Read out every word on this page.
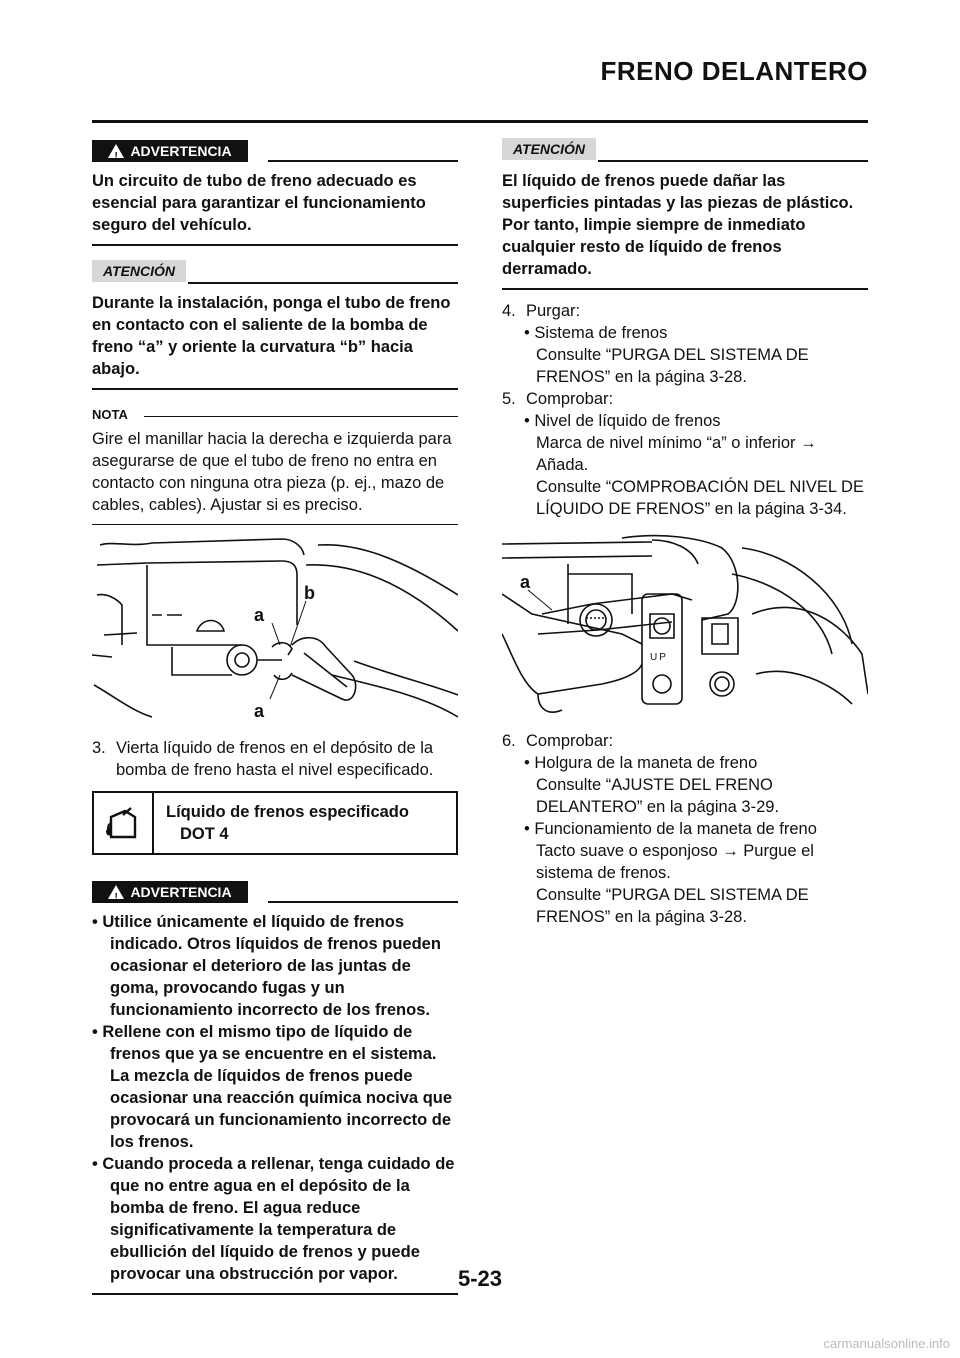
FRENO DELANTERO
! ADVERTENCIA

Un circuito de tubo de freno adecuado es esencial para garantizar el funcionamiento seguro del vehículo.

ATENCIÓN

Durante la instalación, ponga el tubo de freno en contacto con el saliente de la bomba de freno “a” y oriente la curvatura “b” hacia abajo.

NOTA

Gire el manillar hacia la derecha e izquierda para asegurarse de que el tubo de freno no entra en contacto con ninguna otra pieza (p. ej., mazo de cables, cables). Ajustar si es preciso.

a
b
a
3. Vierta líquido de frenos en el depósito de la bomba de freno hasta el nivel especificado.
Líquido de frenos especificado
DOT 4
! ADVERTENCIA

• Utilice únicamente el líquido de frenos indicado. Otros líquidos de frenos pueden ocasionar el deterioro de las juntas de goma, provocando fugas y un funcionamiento incorrecto de los frenos.

• Rellene con el mismo tipo de líquido de frenos que ya se encuentre en el sistema. La mezcla de líquidos de frenos puede ocasionar una reacción química nociva que provocará un funcionamiento incorrecto de los frenos.

• Cuando proceda a rellenar, tenga cuidado de que no entre agua en el depósito de la bomba de freno. El agua reduce significativamente la temperatura de ebullición del líquido de frenos y puede provocar una obstrucción por vapor.

ATENCIÓN

El líquido de frenos puede dañar las superficies pintadas y las piezas de plástico. Por tanto, limpie siempre de inmediato cualquier resto de líquido de frenos derramado.

4. Purgar:
• Sistema de frenos
Consulte “PURGA DEL SISTEMA DE FRENOS” en la página 3-28.
5. Comprobar:
• Nivel de líquido de frenos
Marca de nivel mínimo “a” o inferior → Añada.
Consulte “COMPROBACIÓN DEL NIVEL DE LÍQUIDO DE FRENOS” en la página 3-34.
a
UP
6. Comprobar:
• Holgura de la maneta de freno
Consulte “AJUSTE DEL FRENO DELANTERO” en la página 3-29.
• Funcionamiento de la maneta de freno
Tacto suave o esponjoso → Purgue el sistema de frenos.
Consulte “PURGA DEL SISTEMA DE FRENOS” en la página 3-28.
5-23
carmanualsonline.info
